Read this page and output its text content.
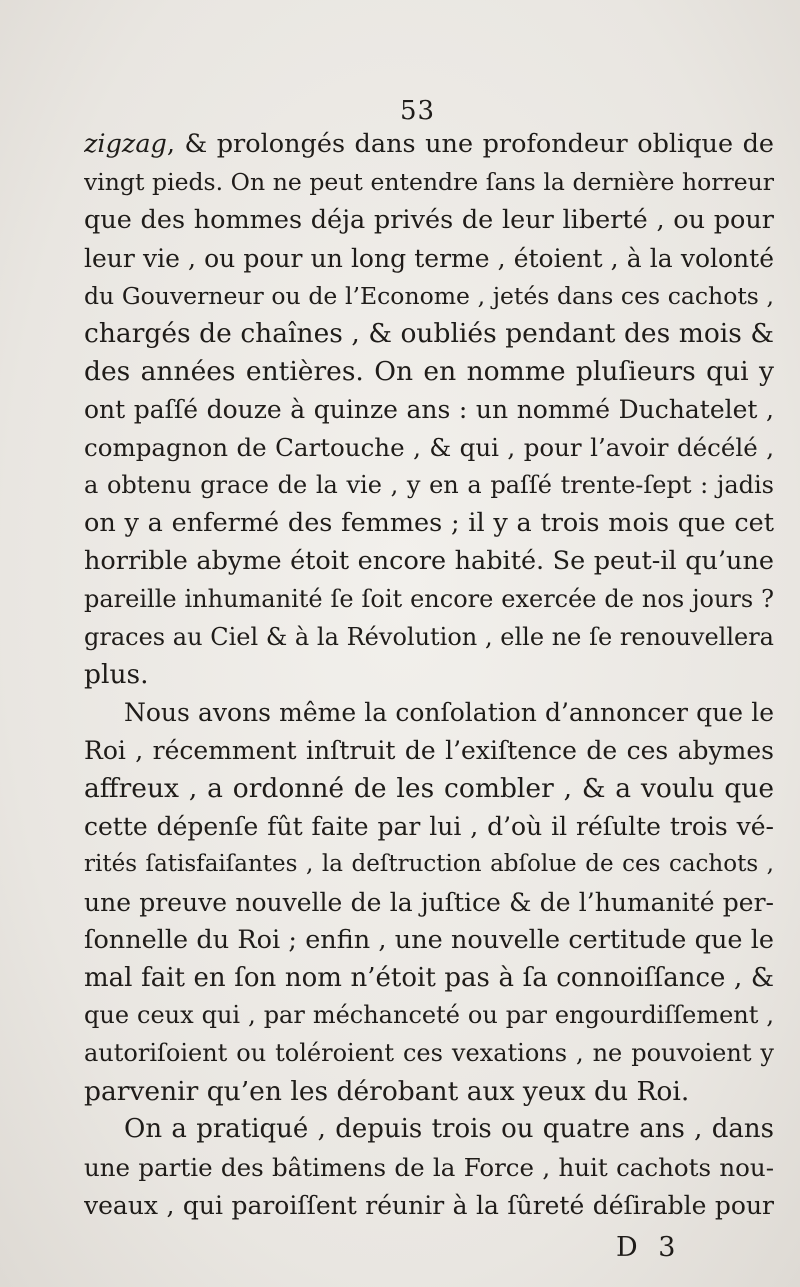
53
zigzag, & prolongés dans une profondeur oblique de
vingt pieds. On ne peut entendre ſans la dernière horreur
que des hommes déja privés de leur liberté , ou pour
leur vie , ou pour un long terme , étoient , à la volonté
du Gouverneur ou de l’Econome , jetés dans ces cachots ,
chargés de chaînes , & oubliés pendant des mois &
des années entières. On en nomme pluſieurs qui y
ont paſſé douze à quinze ans : un nommé Duchatelet ,
compagnon de Cartouche , & qui , pour l’avoir décélé ,
a obtenu grace de la vie , y en a paſſé trente-ſept : jadis
on y a enfermé des femmes ; il y a trois mois que cet
horrible abyme étoit encore habité. Se peut-il qu’une
pareille inhumanité ſe ſoit encore exercée de nos jours ?
graces au Ciel & à la Révolution , elle ne ſe renouvellera
plus.
Nous avons même la conſolation d’annoncer que le
Roi , récemment inſtruit de l’exiſtence de ces abymes
affreux , a ordonné de les combler , & a voulu que
cette dépenſe fût faite par lui , d’où il réſulte trois vé-
rités ſatisfaiſantes , la deſtruction abſolue de ces cachots ,
une preuve nouvelle de la juſtice & de l’humanité per-
ſonnelle du Roi ; enfin , une nouvelle certitude que le
mal fait en ſon nom n’étoit pas à ſa connoiſſance , &
que ceux qui , par méchanceté ou par engourdiſſement ,
autoriſoient ou toléroient ces vexations , ne pouvoient y
parvenir qu’en les dérobant aux yeux du Roi.
On a pratiqué , depuis trois ou quatre ans , dans
une partie des bâtimens de la Force , huit cachots nou-
veaux , qui paroiſſent réunir à la ſûreté déſirable pour
D 3
